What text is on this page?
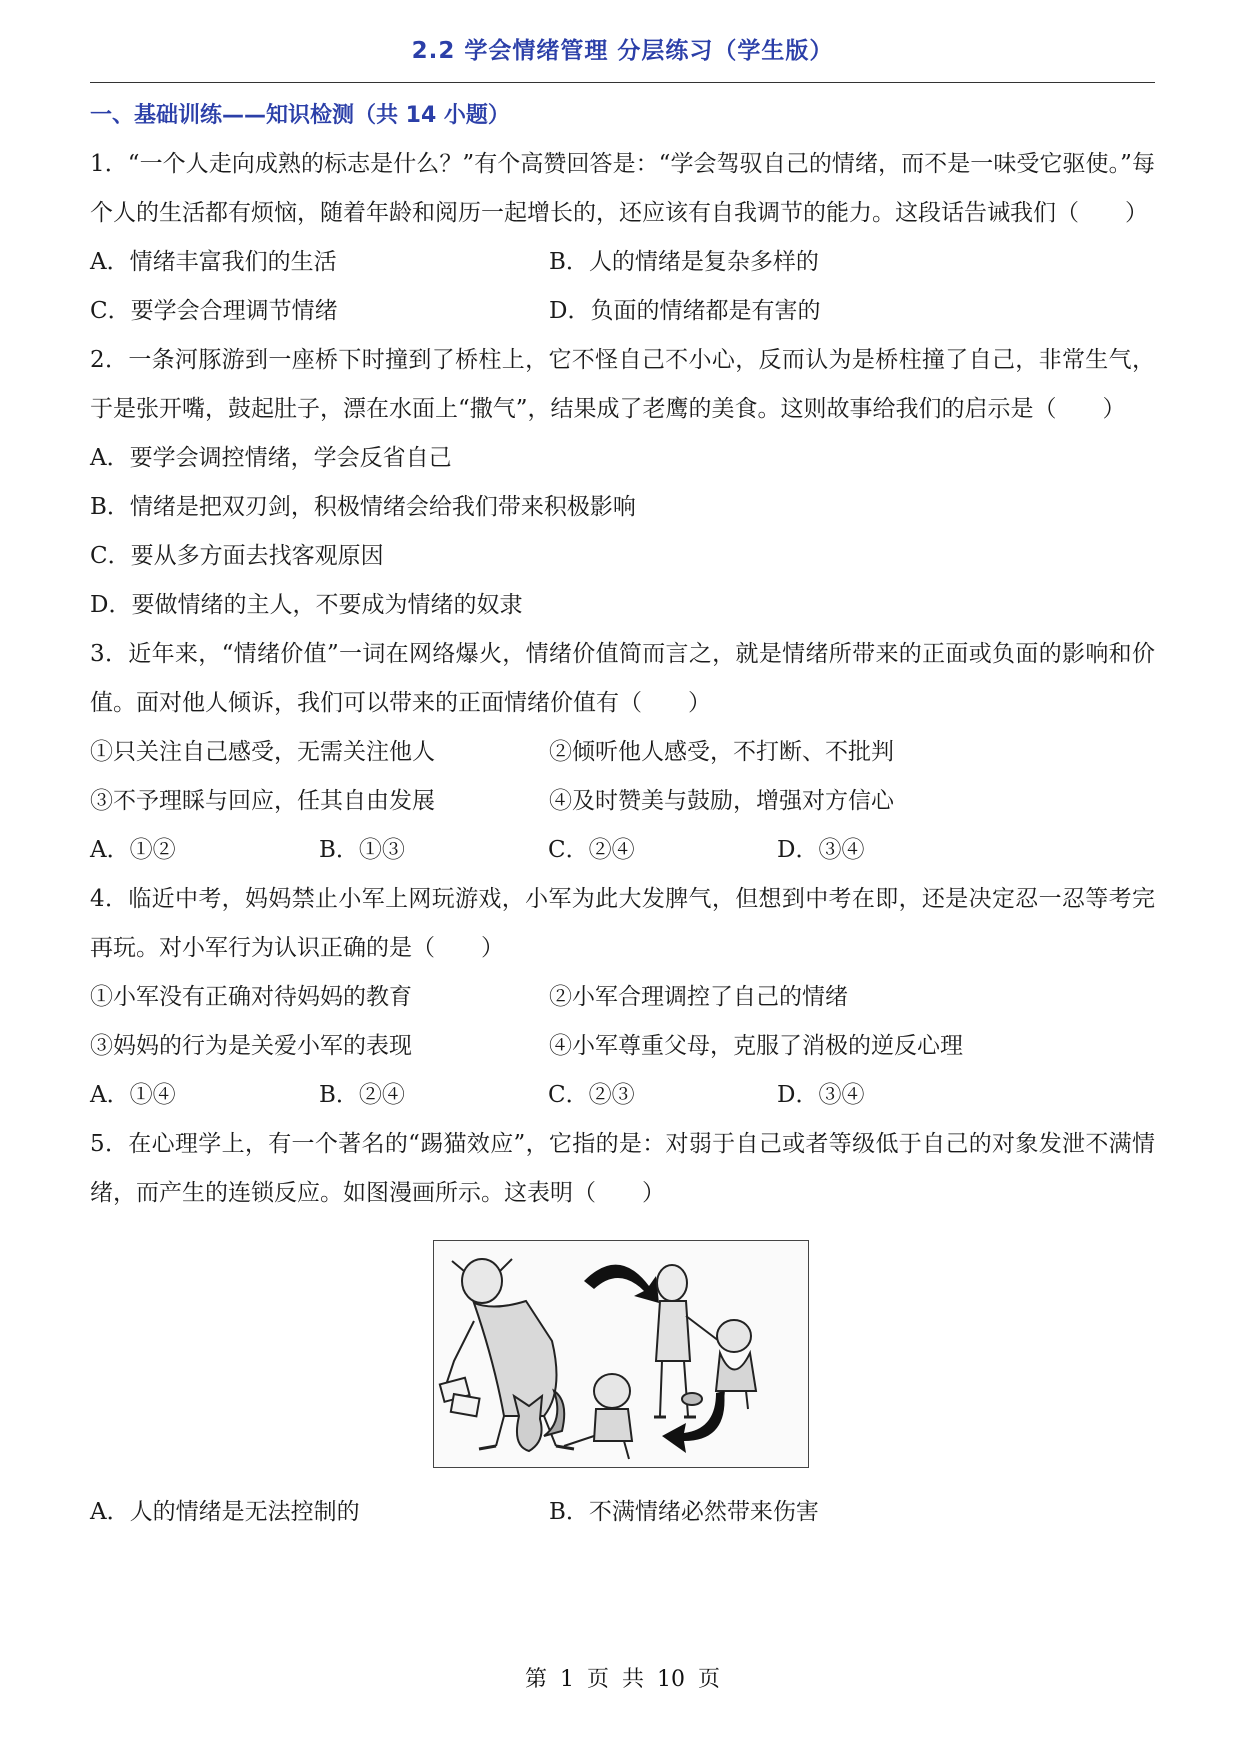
2.2 学会情绪管理 分层练习（学生版）
一、基础训练——知识检测（共 14 小题）
1．“一个人走向成熟的标志是什么？”有个高赞回答是：“学会驾驭自己的情绪，而不是一味受它驱使。”每个人的生活都有烦恼，随着年龄和阅历一起增长的，还应该有自我调节的能力。这段话告诫我们（　　）
A．情绪丰富我们的生活	B．人的情绪是复杂多样的
C．要学会合理调节情绪	D．负面的情绪都是有害的
2．一条河豚游到一座桥下时撞到了桥柱上，它不怪自己不小心，反而认为是桥柱撞了自己，非常生气，于是张开嘴，鼓起肚子，漂在水面上“撒气”，结果成了老鹰的美食。这则故事给我们的启示是（　　）
A．要学会调控情绪，学会反省自己
B．情绪是把双刃剑，积极情绪会给我们带来积极影响
C．要从多方面去找客观原因
D．要做情绪的主人，不要成为情绪的奴隶
3．近年来，“情绪价值”一词在网络爆火，情绪价值简而言之，就是情绪所带来的正面或负面的影响和价值。面对他人倾诉，我们可以带来的正面情绪价值有（　　）
①只关注自己感受，无需关注他人	②倾听他人感受，不打断、不批判
③不予理睬与回应，任其自由发展	④及时赞美与鼓励，增强对方信心
A．①②	B．①③	C．②④	D．③④
4．临近中考，妈妈禁止小军上网玩游戏，小军为此大发脾气，但想到中考在即，还是决定忍一忍等考完再玩。对小军行为认识正确的是（　　）
①小军没有正确对待妈妈的教育	②小军合理调控了自己的情绪
③妈妈的行为是关爱小军的表现	④小军尊重父母，克服了消极的逆反心理
A．①④	B．②④	C．②③	D．③④
5．在心理学上，有一个著名的“踢猫效应”，它指的是：对弱于自己或者等级低于自己的对象发泄不满情绪，而产生的连锁反应。如图漫画所示。这表明（　　）
A．人的情绪是无法控制的	B．不满情绪必然带来伤害
第 1 页 共 10 页
